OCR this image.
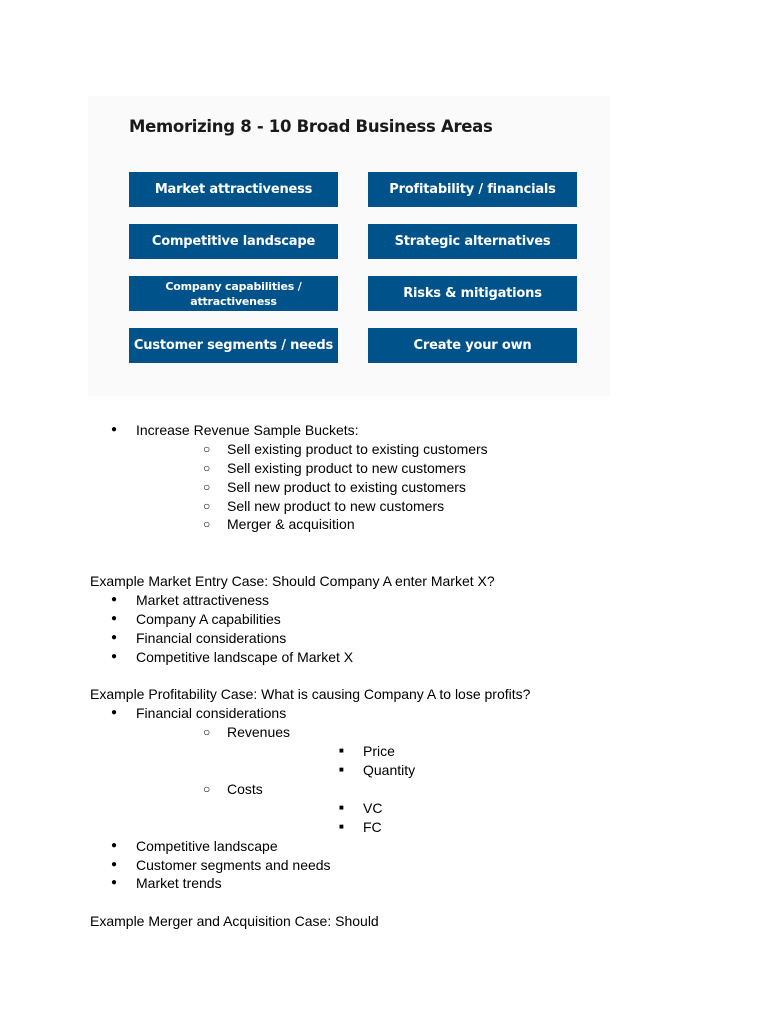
Memorizing 8 - 10 Broad Business Areas
Market attractiveness	Profitability / financials
Competitive landscape	Strategic alternatives
Company capabilities / attractiveness	Risks & mitigations
Customer segments / needs	Create your own
● Increase Revenue Sample Buckets:
○ Sell existing product to existing customers
○ Sell existing product to new customers
○ Sell new product to existing customers
○ Sell new product to new customers
○ Merger & acquisition
Example Market Entry Case: Should Company A enter Market X?
● Market attractiveness
● Company A capabilities
● Financial considerations
● Competitive landscape of Market X
Example Profitability Case: What is causing Company A to lose profits?
● Financial considerations
○ Revenues
■ Price
■ Quantity
○ Costs
■ VC
■ FC
● Competitive landscape
● Customer segments and needs
● Market trends
Example Merger and Acquisition Case: Should
